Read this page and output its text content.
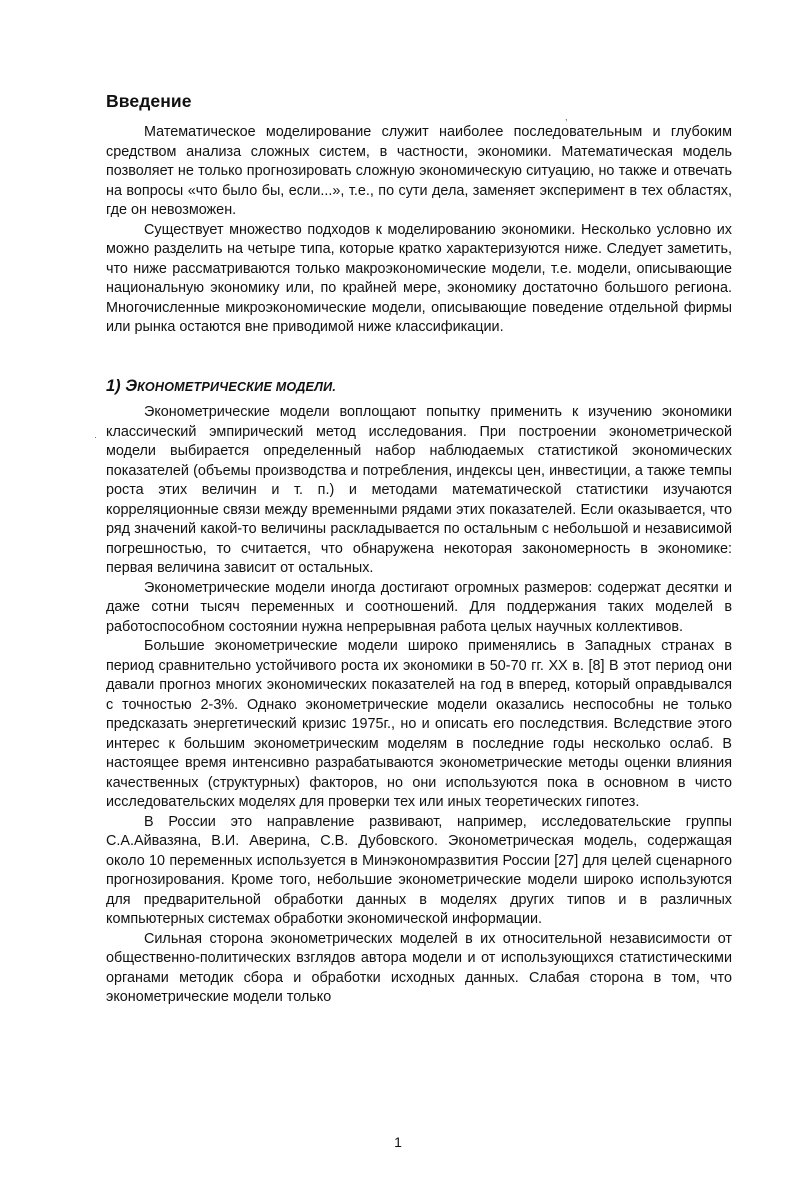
,
·
Введение

Математическое моделирование служит наиболее последовательным и глубоким средством анализа сложных систем, в частности, экономики. Математическая модель позволяет не только прогнозировать сложную экономическую ситуацию, но также и отвечать на вопросы «что было бы, если...», т.е., по сути дела, заменяет эксперимент в тех областях, где он невозможен.

Существует множество подходов к моделированию экономики. Несколько условно их можно разделить на четыре типа, которые кратко характеризуются ниже. Следует заметить, что ниже рассматриваются только макроэкономические модели, т.е. модели, описывающие национальную экономику или, по крайней мере, экономику достаточно большого региона. Многочисленные микроэкономические модели, описывающие поведение отдельной фирмы или рынка остаются вне приводимой ниже классификации.

1) ЭКОНОМЕТРИЧЕСКИЕ МОДЕЛИ.

Эконометрические модели воплощают попытку применить к изучению экономики классический эмпирический метод исследования. При построении эконометрической модели выбирается определенный набор наблюдаемых статистикой экономических показателей (объемы производства и потребления, индексы цен, инвестиции, а также темпы роста этих величин и т. п.) и методами математической статистики изучаются корреляционные связи между временными рядами этих показателей. Если оказывается, что ряд значений какой-то величины раскладывается по остальным с небольшой и независимой погрешностью, то считается, что обнаружена некоторая закономерность в экономике: первая величина зависит от остальных.

Эконометрические модели иногда достигают огромных размеров: содержат десятки и даже сотни тысяч переменных и соотношений. Для поддержания таких моделей в работоспособном состоянии нужна непрерывная работа целых научных коллективов.

Большие эконометрические модели широко применялись в Западных странах в период сравнительно устойчивого роста их экономики в 50-70 гг. XX в. [8] В этот период они давали прогноз многих экономических показателей на год в вперед, который оправдывался с точностью 2-3%. Однако эконометрические модели оказались неспособны не только предсказать энергетический кризис 1975г., но и описать его последствия. Вследствие этого интерес к большим эконометрическим моделям в последние годы несколько ослаб. В настоящее время интенсивно разрабатываются эконометрические методы оценки влияния качественных (структурных) факторов, но они используются пока в основном в чисто исследовательских моделях для проверки тех или иных теоретических гипотез.

В России это направление развивают, например, исследовательские группы С.А.Айвазяна, В.И. Аверина, С.В. Дубовского. Эконометрическая модель, содержащая около 10 переменных используется в Минэкономразвития России [27] для целей сценарного прогнозирования. Кроме того, небольшие эконометрические модели широко используются для предварительной обработки данных в моделях других типов и в различных компьютерных системах обработки экономической информации.

Сильная сторона эконометрических моделей в их относительной независимости от общественно-политических взглядов автора модели и от использующихся статистическими органами методик сбора и обработки исходных данных. Слабая сторона в том, что эконометрические модели только

1
